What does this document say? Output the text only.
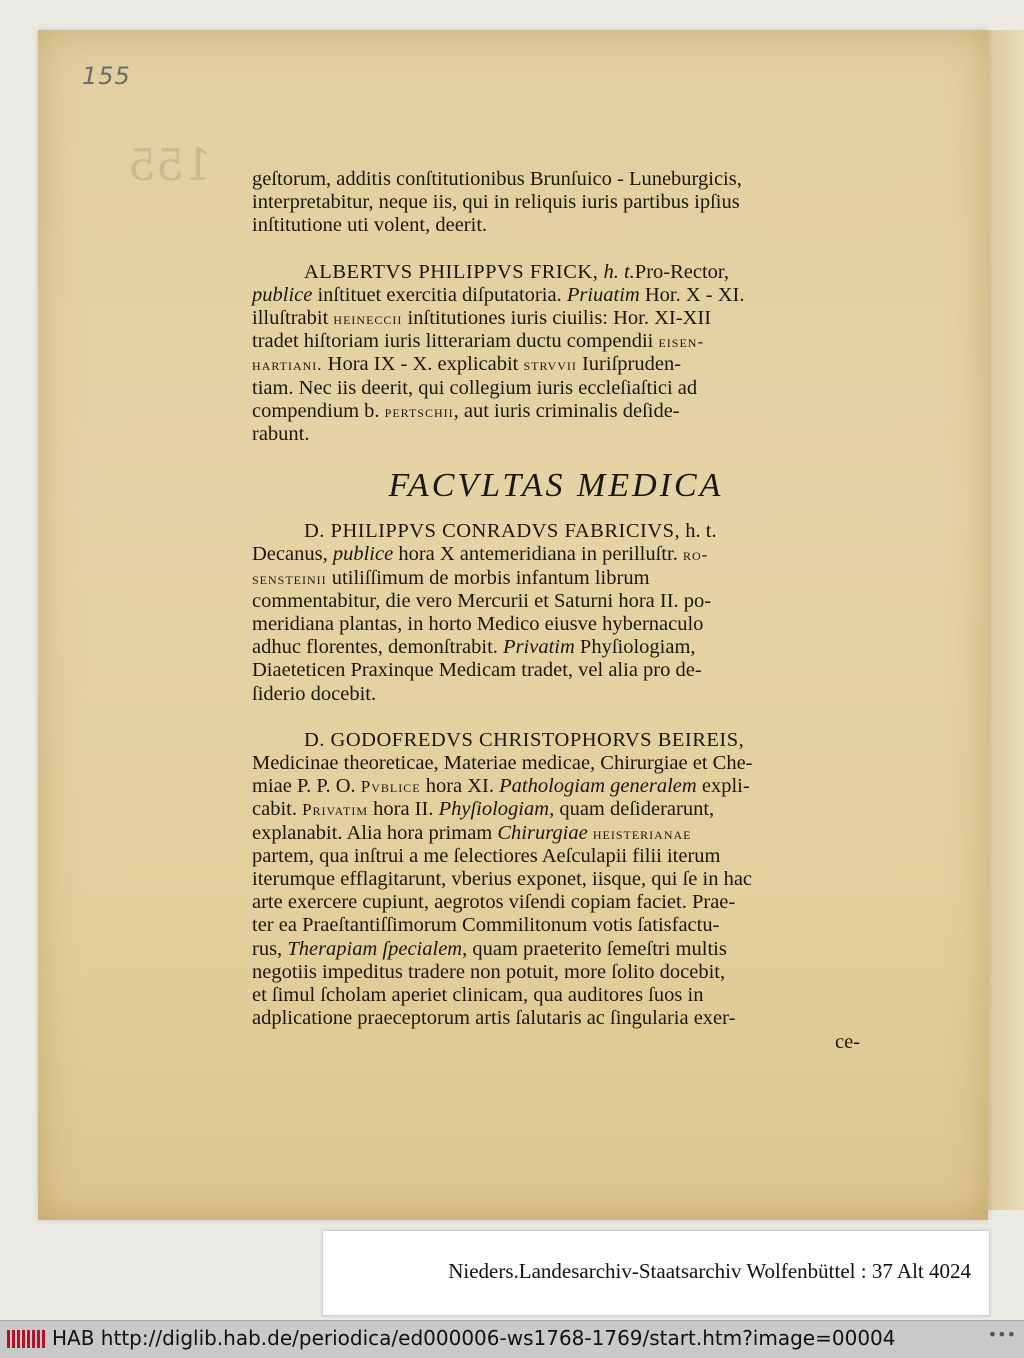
155
155 geſtorum, additis conſtitutionibus Brunſuico - Luneburgicis,

interpretabitur, neque iis, qui in reliquis iuris partibus ipſius

inſtitutione uti volent, deerit.

ALBERTVS PHILIPPVS FRICK, h. t.Pro-Rector,

publice inſtituet exercitia diſputatoria. Priuatim Hor. X - XI.

illuſtrabit heineccii inſtitutiones iuris ciuilis: Hor. XI-XII

tradet hiſtoriam iuris litterariam ductu compendii eisen-

hartiani. Hora IX - X. explicabit strvvii Iuriſpruden-

tiam. Nec iis deerit, qui collegium iuris eccleſiaſtici ad

compendium b. pertschii, aut iuris criminalis deſide-

rabunt.

FACVLTAS MEDICA

D. PHILIPPVS CONRADVS FABRICIVS, h. t.

Decanus, publice hora X antemeridiana in perilluſtr. ro-

sensteinii utiliſſimum de morbis infantum librum

commentabitur, die vero Mercurii et Saturni hora II. po-

meridiana plantas, in horto Medico eiusve hybernaculo

adhuc florentes, demonſtrabit. Privatim Phyſiologiam,

Diaeteticen Praxinque Medicam tradet, vel alia pro de-

ſiderio docebit.

D. GODOFREDVS CHRISTOPHORVS BEIREIS,

Medicinae theoreticae, Materiae medicae, Chirurgiae et Che-

miae P. P. O. Pvblice hora XI. Pathologiam generalem expli-

cabit. Privatim hora II. Phyſiologiam, quam deſiderarunt,

explanabit. Alia hora primam Chirurgiae heisterianae

partem, qua inſtrui a me ſelectiores Aeſculapii filii iterum

iterumque efflagitarunt, vberius exponet, iisque, qui ſe in hac

arte exercere cupiunt, aegrotos viſendi copiam faciet. Prae-

ter ea Praeſtantiſſimorum Commilitonum votis ſatisfactu-

rus, Therapiam ſpecialem, quam praeterito ſemeſtri multis

negotiis impeditus tradere non potuit, more ſolito docebit,

et ſimul ſcholam aperiet clinicam, qua auditores ſuos in

adplicatione praeceptorum artis ſalutaris ac ſingularia exer-

ce-

Nieders.Landesarchiv-Staatsarchiv Wolfenbüttel : 37 Alt 4024
HAB http://diglib.hab.de/periodica/ed000006-ws1768-1769/start.htm?image=00004	•••
